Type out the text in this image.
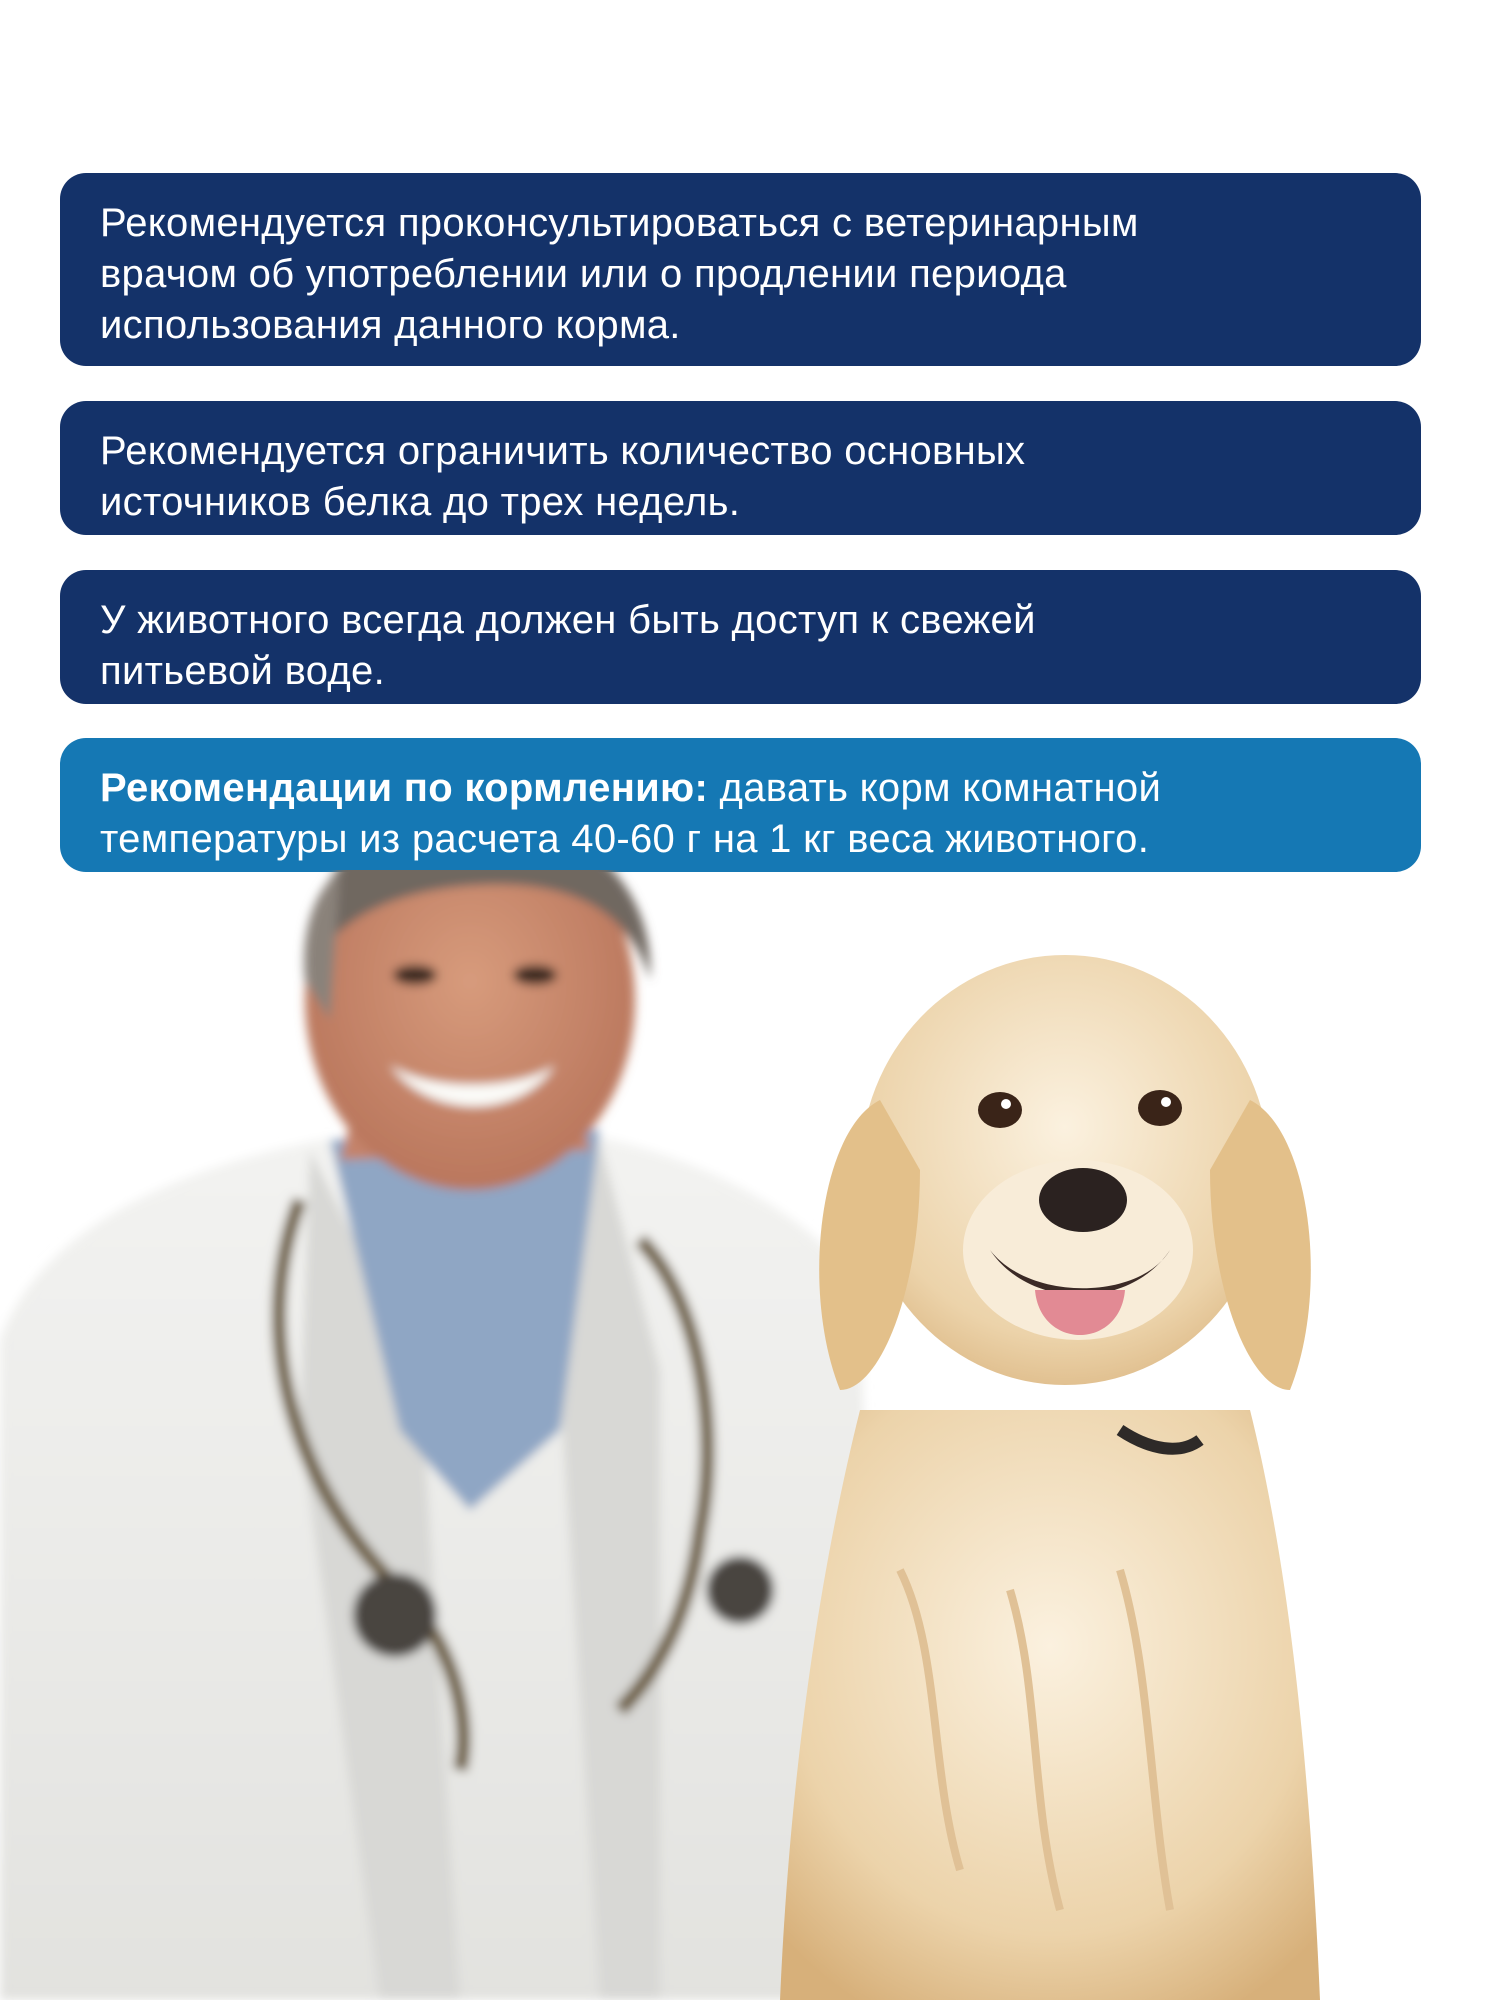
Рекомендуется проконсультироваться с ветеринарным
врачом об употреблении или о продлении периода
использования данного корма.
Рекомендуется ограничить количество основных
источников белка до трех недель.
У животного всегда должен быть доступ к свежей
питьевой воде.
Рекомендации по кормлению: давать корм комнатной
температуры из расчета 40-60 г на 1 кг веса животного.
